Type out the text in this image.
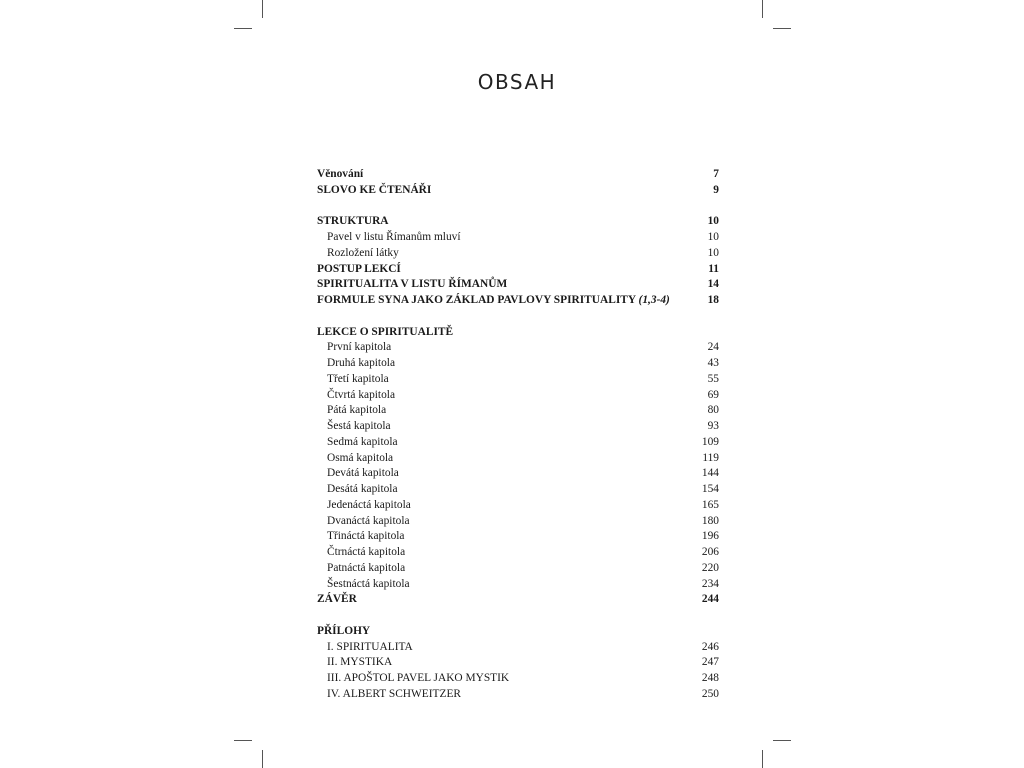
OBSAH
Věnování	7
SLOVO KE ČTENÁŘI	9
STRUKTURA	10
Pavel v listu Římanům mluví	10
Rozložení látky	10
POSTUP LEKCÍ	11
SPIRITUALITA V LISTU ŘÍMANŮM	14
FORMULE SYNA JAKO ZÁKLAD PAVLOVY SPIRITUALITY (1,3-4)	18
LEKCE O SPIRITUALITĚ
První kapitola	24
Druhá kapitola	43
Třetí kapitola	55
Čtvrtá kapitola	69
Pátá kapitola	80
Šestá kapitola	93
Sedmá kapitola	109
Osmá kapitola	119
Devátá kapitola	144
Desátá kapitola	154
Jedenáctá kapitola	165
Dvanáctá kapitola	180
Třináctá kapitola	196
Čtrnáctá kapitola	206
Patnáctá kapitola	220
Šestnáctá kapitola	234
ZÁVĚR	244
PŘÍLOHY
I. SPIRITUALITA	246
II. MYSTIKA	247
III. APOŠTOL PAVEL JAKO MYSTIK	248
IV. ALBERT SCHWEITZER	250
